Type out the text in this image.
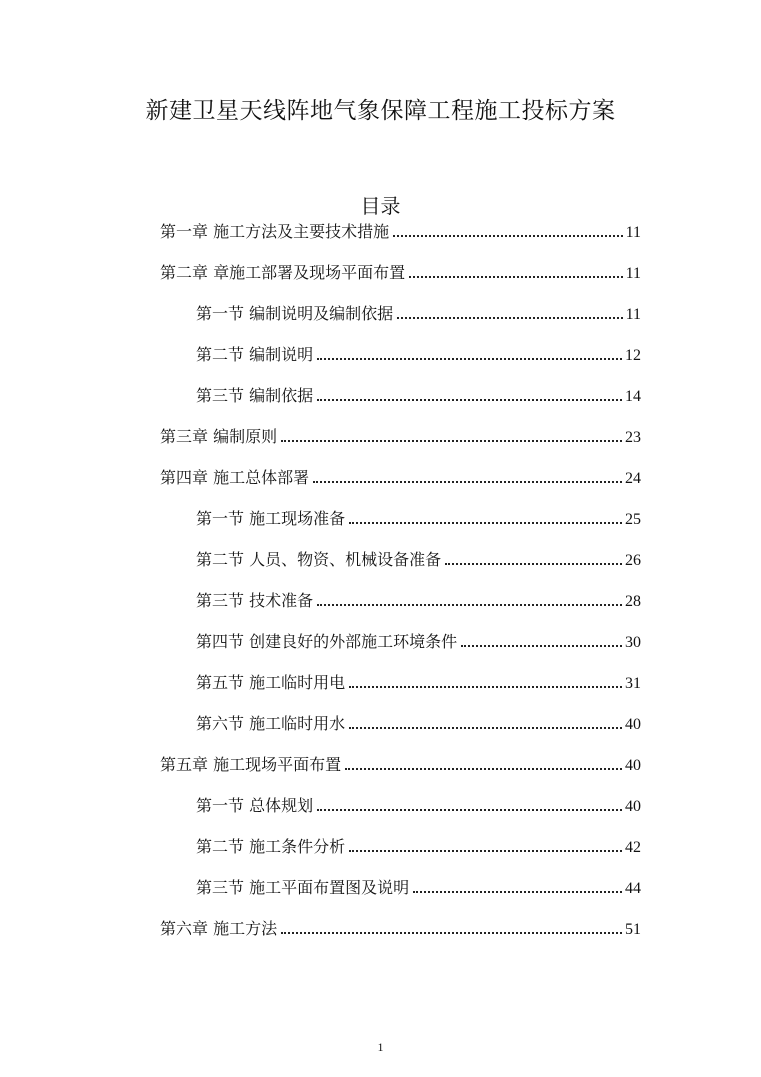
新建卫星天线阵地气象保障工程施工投标方案
目录
第一章 施工方法及主要技术措施	11
第二章 章施工部署及现场平面布置	11
第一节 编制说明及编制依据	11
第二节 编制说明	12
第三节 编制依据	14
第三章 编制原则	23
第四章 施工总体部署	24
第一节 施工现场准备	25
第二节 人员、物资、机械设备准备	26
第三节 技术准备	28
第四节 创建良好的外部施工环境条件	30
第五节 施工临时用电	31
第六节 施工临时用水	40
第五章 施工现场平面布置	40
第一节 总体规划	40
第二节 施工条件分析	42
第三节 施工平面布置图及说明	44
第六章 施工方法	51
1
